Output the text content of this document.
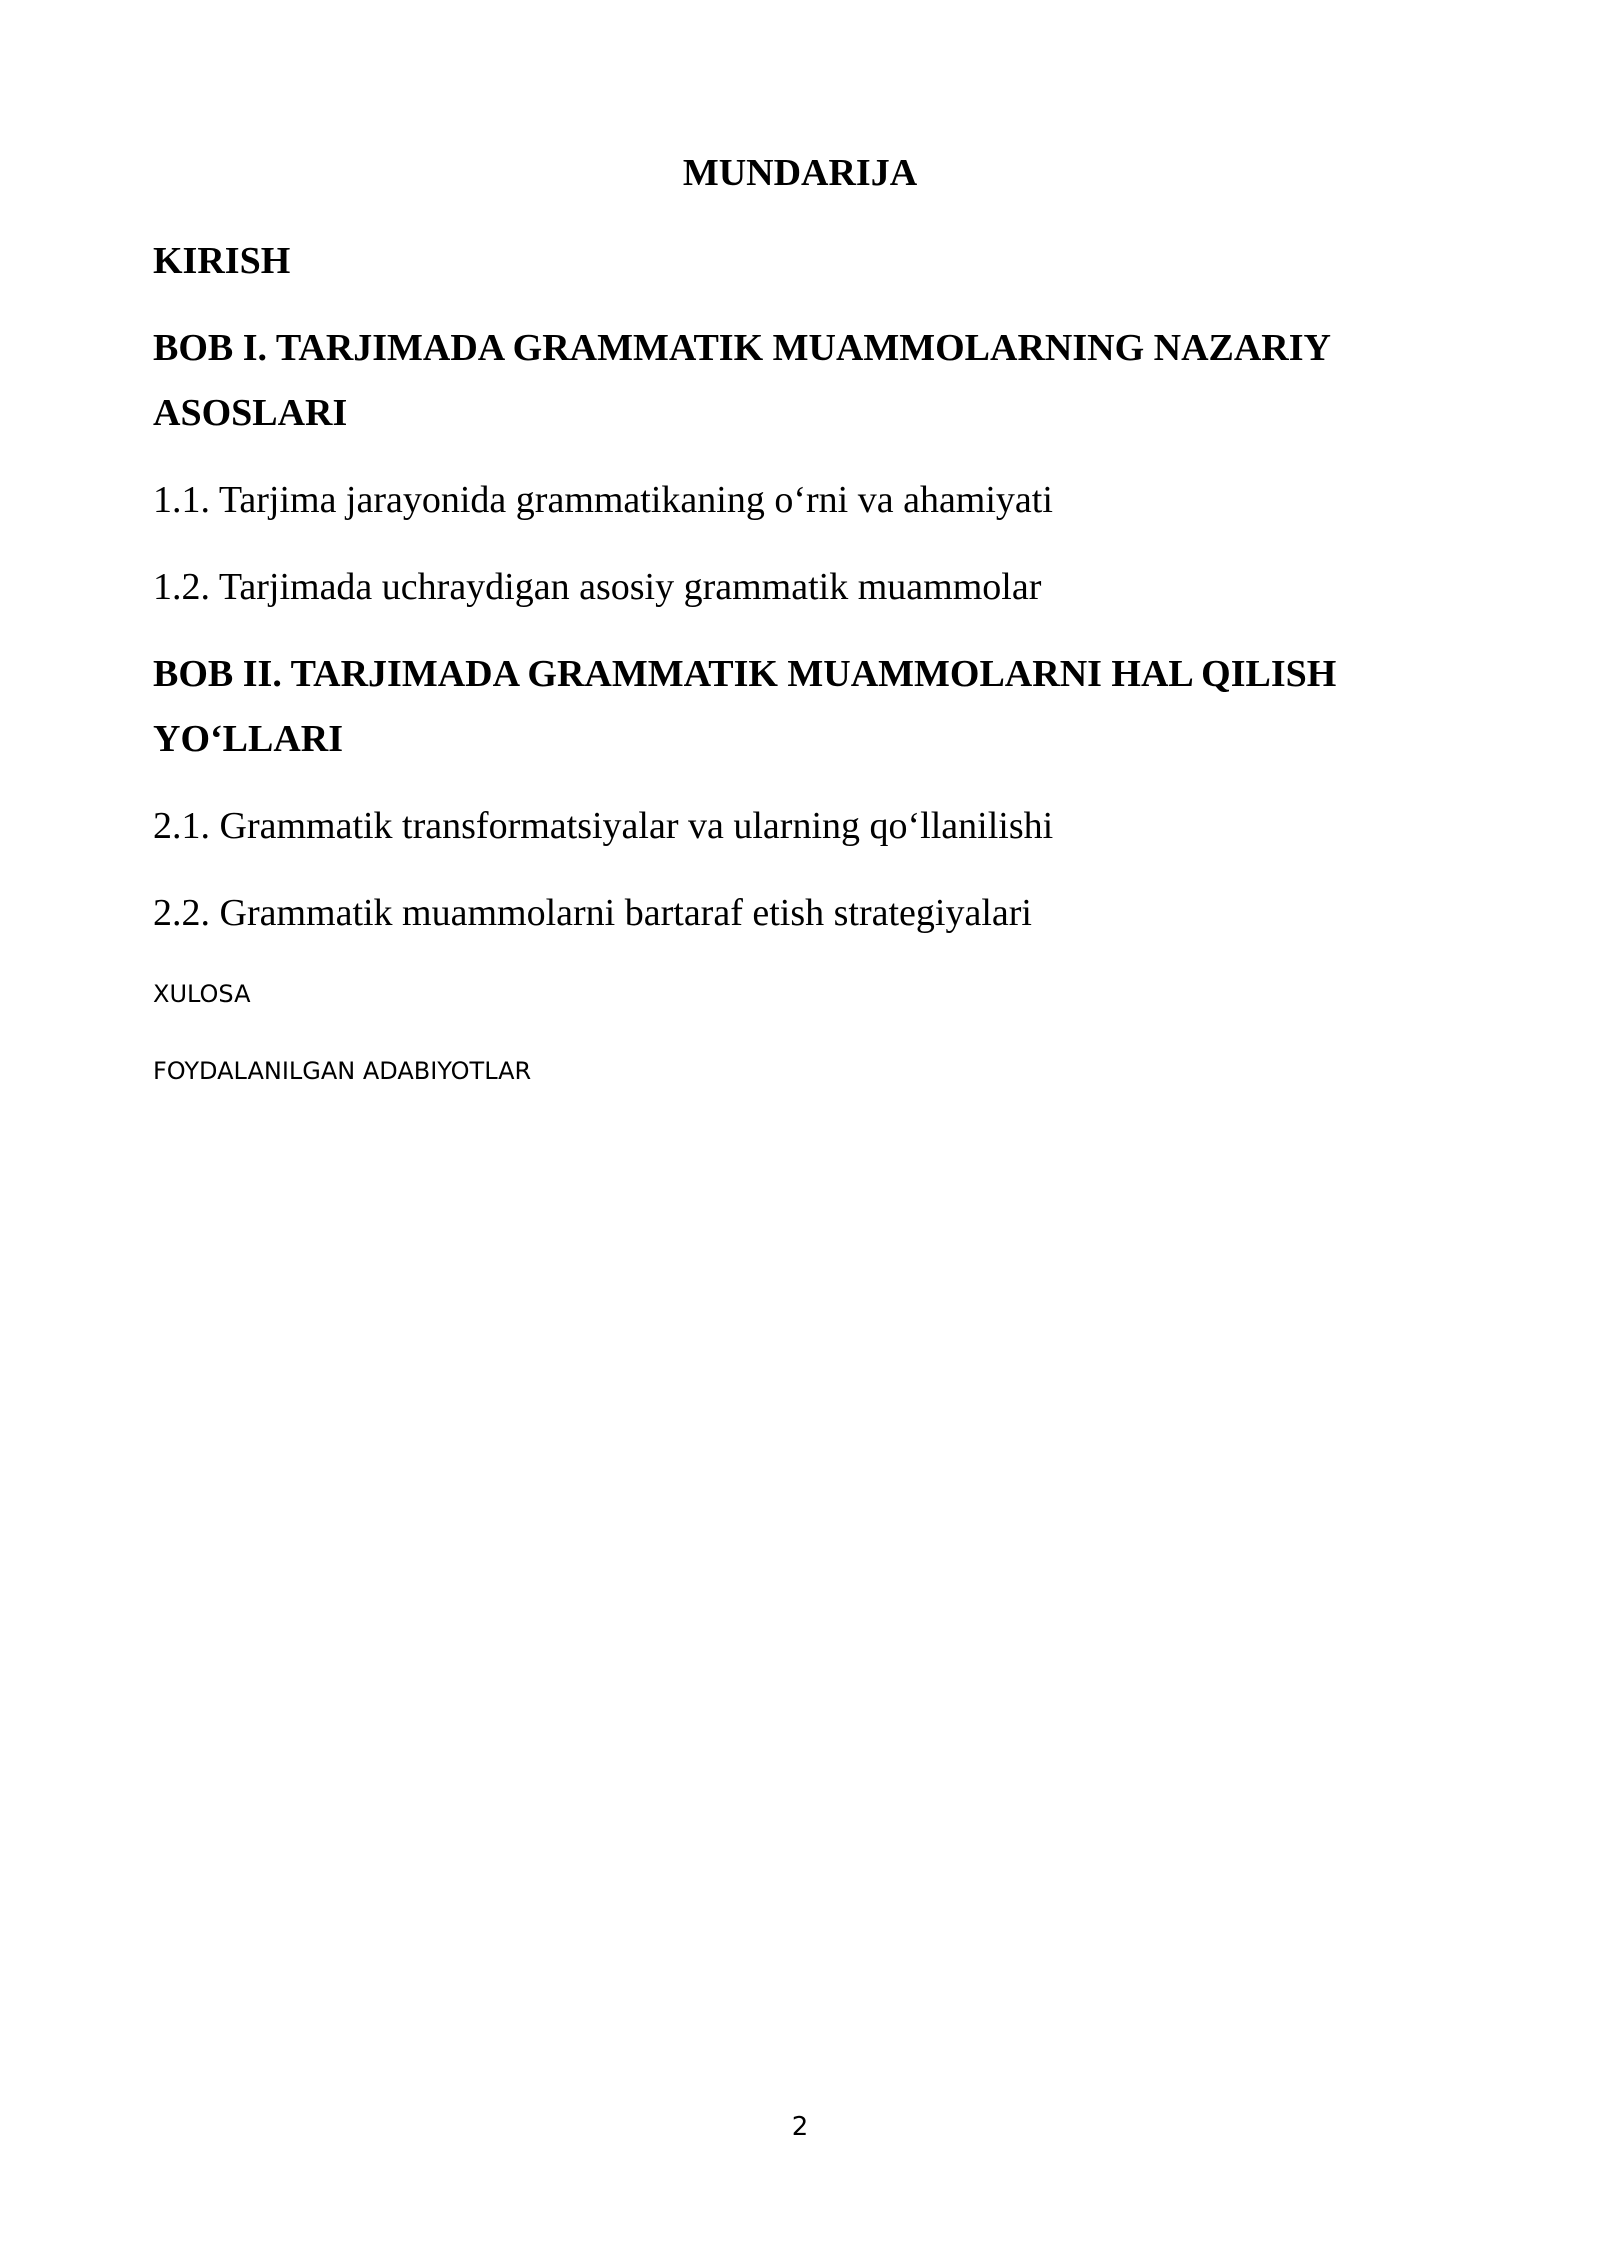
MUNDARIJA
KIRISH
BOB I. TARJIMADA GRAMMATIK MUAMMOLARNING NAZARIY
ASOSLARI
1.1. Tarjima jarayonida grammatikaning o‘rni va ahamiyati
1.2. Tarjimada uchraydigan asosiy grammatik muammolar
BOB II. TARJIMADA GRAMMATIK MUAMMOLARNI HAL QILISH
YO‘LLARI
2.1. Grammatik transformatsiyalar va ularning qo‘llanilishi
2.2. Grammatik muammolarni bartaraf etish strategiyalari
XULOSA
FOYDALANILGAN ADABIYOTLAR
2
